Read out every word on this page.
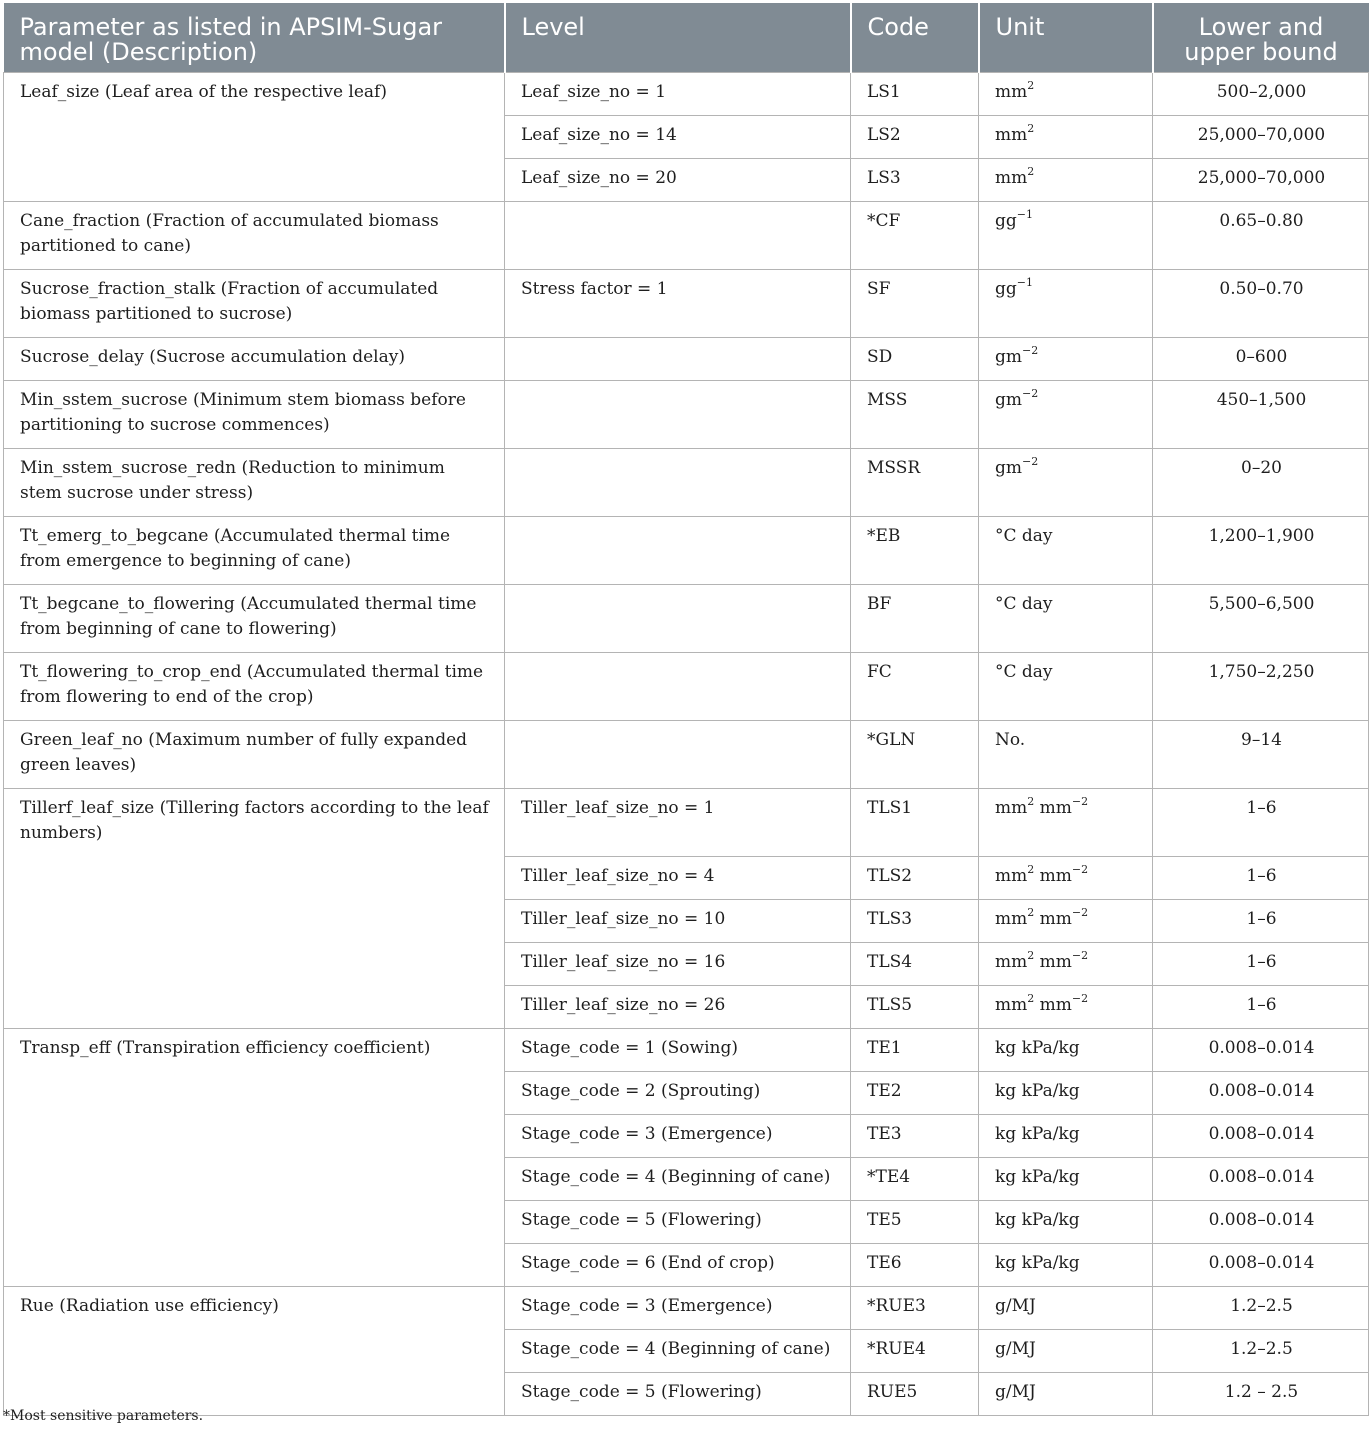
Parameter as listed in APSIM-Sugar model (Description)	Level	Code	Unit	Lower and upper bound
Leaf_size (Leaf area of the respective leaf)	Leaf_size_no = 1	LS1	$mm^2$	500–2,000
	Leaf_size_no = 14	LS2	$mm^2$	25,000–70,000
	Leaf_size_no = 20	LS3	$mm^2$	25,000–70,000
Cane_fraction (Fraction of accumulated biomass partitioned to cane)		*CF	$gg^{-1}$	0.65–0.80
Sucrose_fraction_stalk (Fraction of accumulated biomass partitioned to sucrose)	Stress factor = 1	SF	$gg^{-1}$	0.50–0.70
Sucrose_delay (Sucrose accumulation delay)		SD	$gm^{-2}$	0–600
Min_sstem_sucrose (Minimum stem biomass before partitioning to sucrose commences)		MSS	$gm^{-2}$	450–1,500
Min_sstem_sucrose_redn (Reduction to minimum stem sucrose under stress)		MSSR	$gm^{-2}$	0–20
Tt_emerg_to_begcane (Accumulated thermal time from emergence to beginning of cane)		*EB	°C day	1,200–1,900
Tt_begcane_to_flowering (Accumulated thermal time from beginning of cane to flowering)		BF	°C day	5,500–6,500
Tt_flowering_to_crop_end (Accumulated thermal time from flowering to end of the crop)		FC	°C day	1,750–2,250
Green_leaf_no (Maximum number of fully expanded green leaves)		*GLN	No.	9–14
Tillerf_leaf_size (Tillering factors according to the leaf numbers)	Tiller_leaf_size_no = 1	TLS1	$mm^2$ $mm^{-2}$	1–6
	Tiller_leaf_size_no = 4	TLS2	$mm^2$ $mm^{-2}$	1–6
	Tiller_leaf_size_no = 10	TLS3	$mm^2$ $mm^{-2}$	1–6
	Tiller_leaf_size_no = 16	TLS4	$mm^2$ $mm^{-2}$	1–6
	Tiller_leaf_size_no = 26	TLS5	$mm^2$ $mm^{-2}$	1–6
Transp_eff (Transpiration efficiency coefficient)	Stage_code = 1 (Sowing)	TE1	kg kPa/kg	0.008–0.014
	Stage_code = 2 (Sprouting)	TE2	kg kPa/kg	0.008–0.014
	Stage_code = 3 (Emergence)	TE3	kg kPa/kg	0.008–0.014
	Stage_code = 4 (Beginning of cane)	*TE4	kg kPa/kg	0.008–0.014
	Stage_code = 5 (Flowering)	TE5	kg kPa/kg	0.008–0.014
	Stage_code = 6 (End of crop)	TE6	kg kPa/kg	0.008–0.014
Rue (Radiation use efficiency)	Stage_code = 3 (Emergence)	*RUE3	g/MJ	1.2–2.5
	Stage_code = 4 (Beginning of cane)	*RUE4	g/MJ	1.2–2.5
	Stage_code = 5 (Flowering)	RUE5	g/MJ	1.2 – 2.5
*Most sensitive parameters.
